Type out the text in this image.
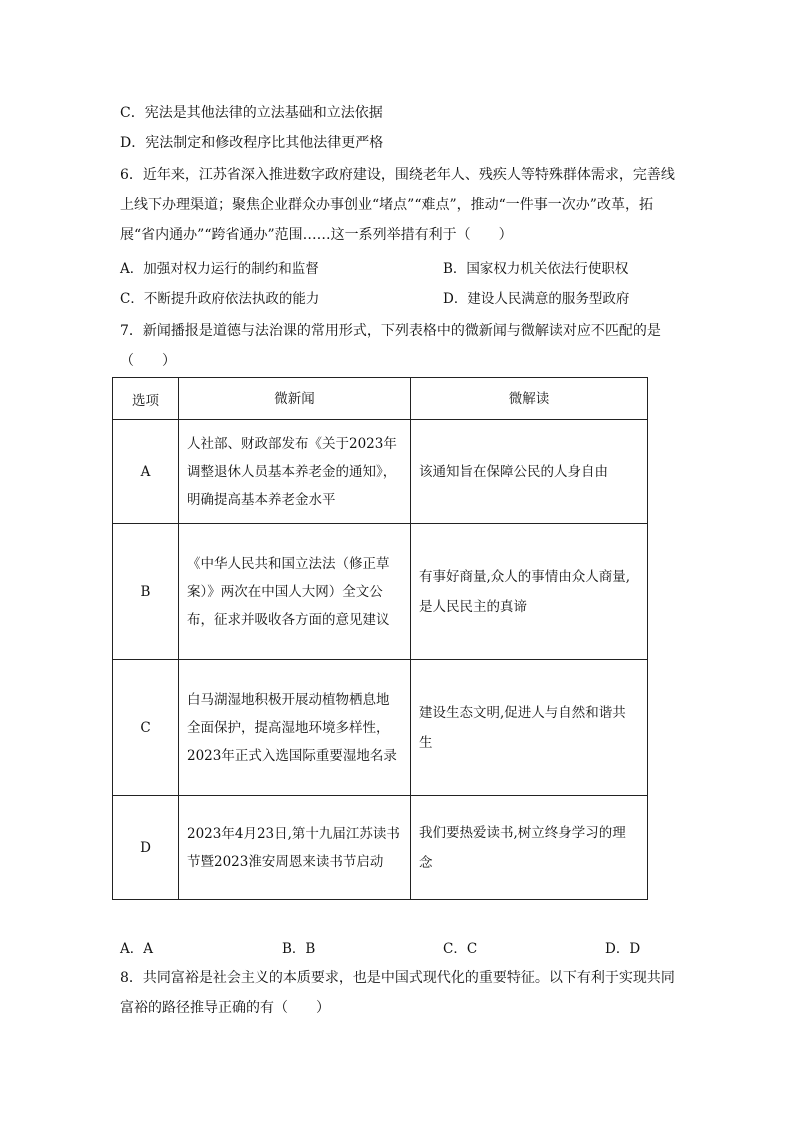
C．宪法是其他法律的立法基础和立法依据
D．宪法制定和修改程序比其他法律更严格
6．近年来，江苏省深入推进数字政府建设，围绕老年人、残疾人等特殊群体需求，完善线上线下办理渠道；聚焦企业群众办事创业“堵点”“难点”，推动“一件事一次办”改革，拓展“省内通办”“跨省通办”范围……这一系列举措有利于（　　）
A．加强对权力运行的制约和监督	B．国家权力机关依法行使职权
C．不断提升政府依法执政的能力	D．建设人民满意的服务型政府
7．新闻播报是道德与法治课的常用形式，下列表格中的微新闻与微解读对应不匹配的是
（　　）
选项	微新闻	微解读
A	人社部、财政部发布《关于2023年调整退休人员基本养老金的通知》，明确提高基本养老金水平	该通知旨在保障公民的人身自由
B	《中华人民共和国立法法（修正草案）》两次在中国人大网）全文公布，征求并吸收各方面的意见建议	有事好商量,众人的事情由众人商量,是人民民主的真谛
C	白马湖湿地积极开展动植物栖息地全面保护，提高湿地环境多样性，2023年正式入选国际重要湿地名录	建设生态文明,促进人与自然和谐共生
D	2023年4月23日,第十九届江苏读书节暨2023淮安周恩来读书节启动	我们要热爱读书,树立终身学习的理念
A．A	B．B	C．C	D．D
8．共同富裕是社会主义的本质要求，也是中国式现代化的重要特征。以下有利于实现共同富裕的路径推导正确的有（　　）
